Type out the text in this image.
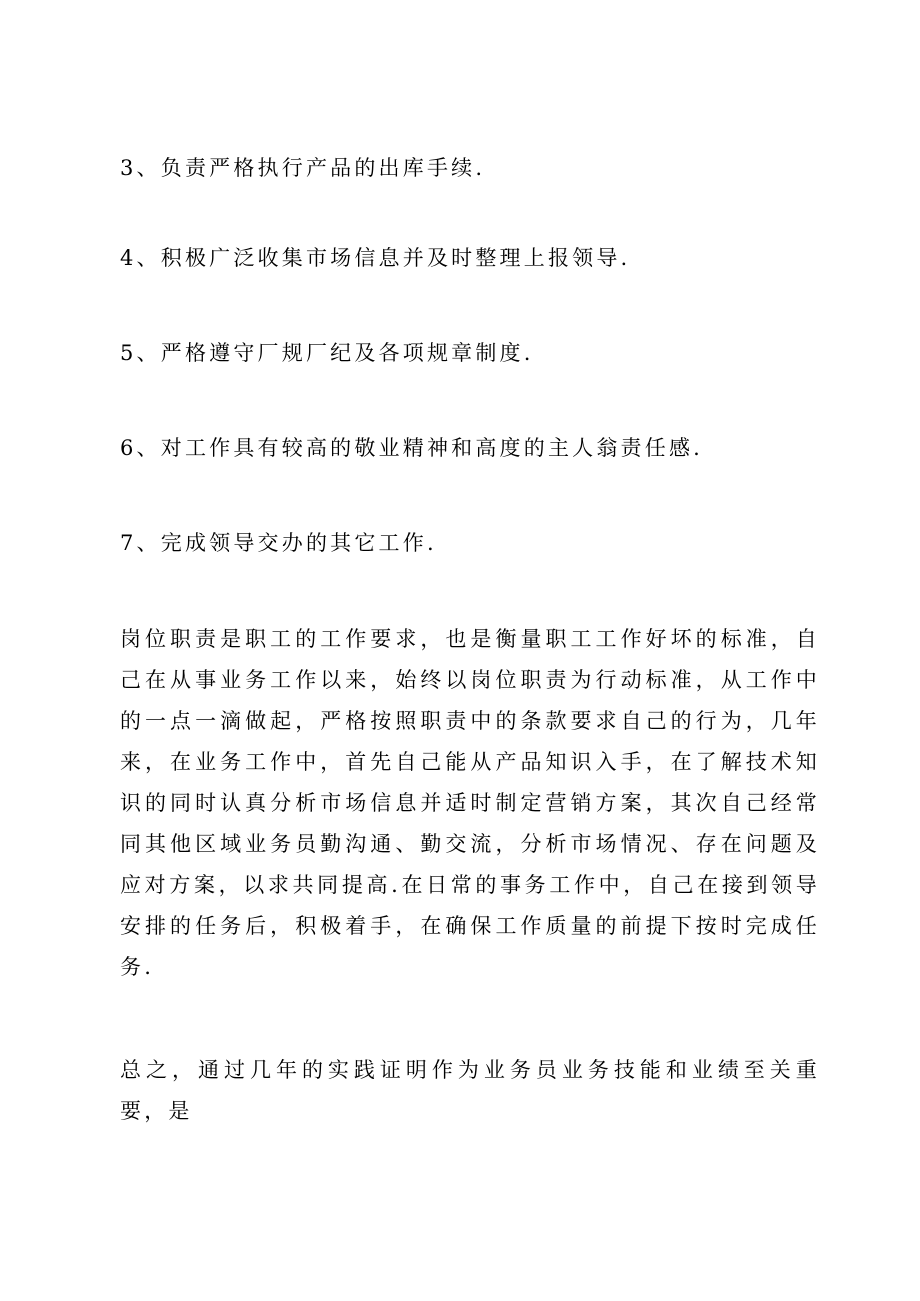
3、负责严格执行产品的出库手续.
4、积极广泛收集市场信息并及时整理上报领导.
5、严格遵守厂规厂纪及各项规章制度.
6、对工作具有较高的敬业精神和高度的主人翁责任感.
7、完成领导交办的其它工作.

岗位职责是职工的工作要求，也是衡量职工工作好坏的标准，自己在从事业务工作以来，始终以岗位职责为行动标准，从工作中的一点一滴做起，严格按照职责中的条款要求自己的行为，几年来，在业务工作中，首先自己能从产品知识入手，在了解技术知识的同时认真分析市场信息并适时制定营销方案，其次自己经常同其他区域业务员勤沟通、勤交流，分析市场情况、存在问题及应对方案，以求共同提高.在日常的事务工作中，自己在接到领导安排的任务后，积极着手，在确保工作质量的前提下按时完成任务.

总之，通过几年的实践证明作为业务员业务技能和业绩至关重要，是
